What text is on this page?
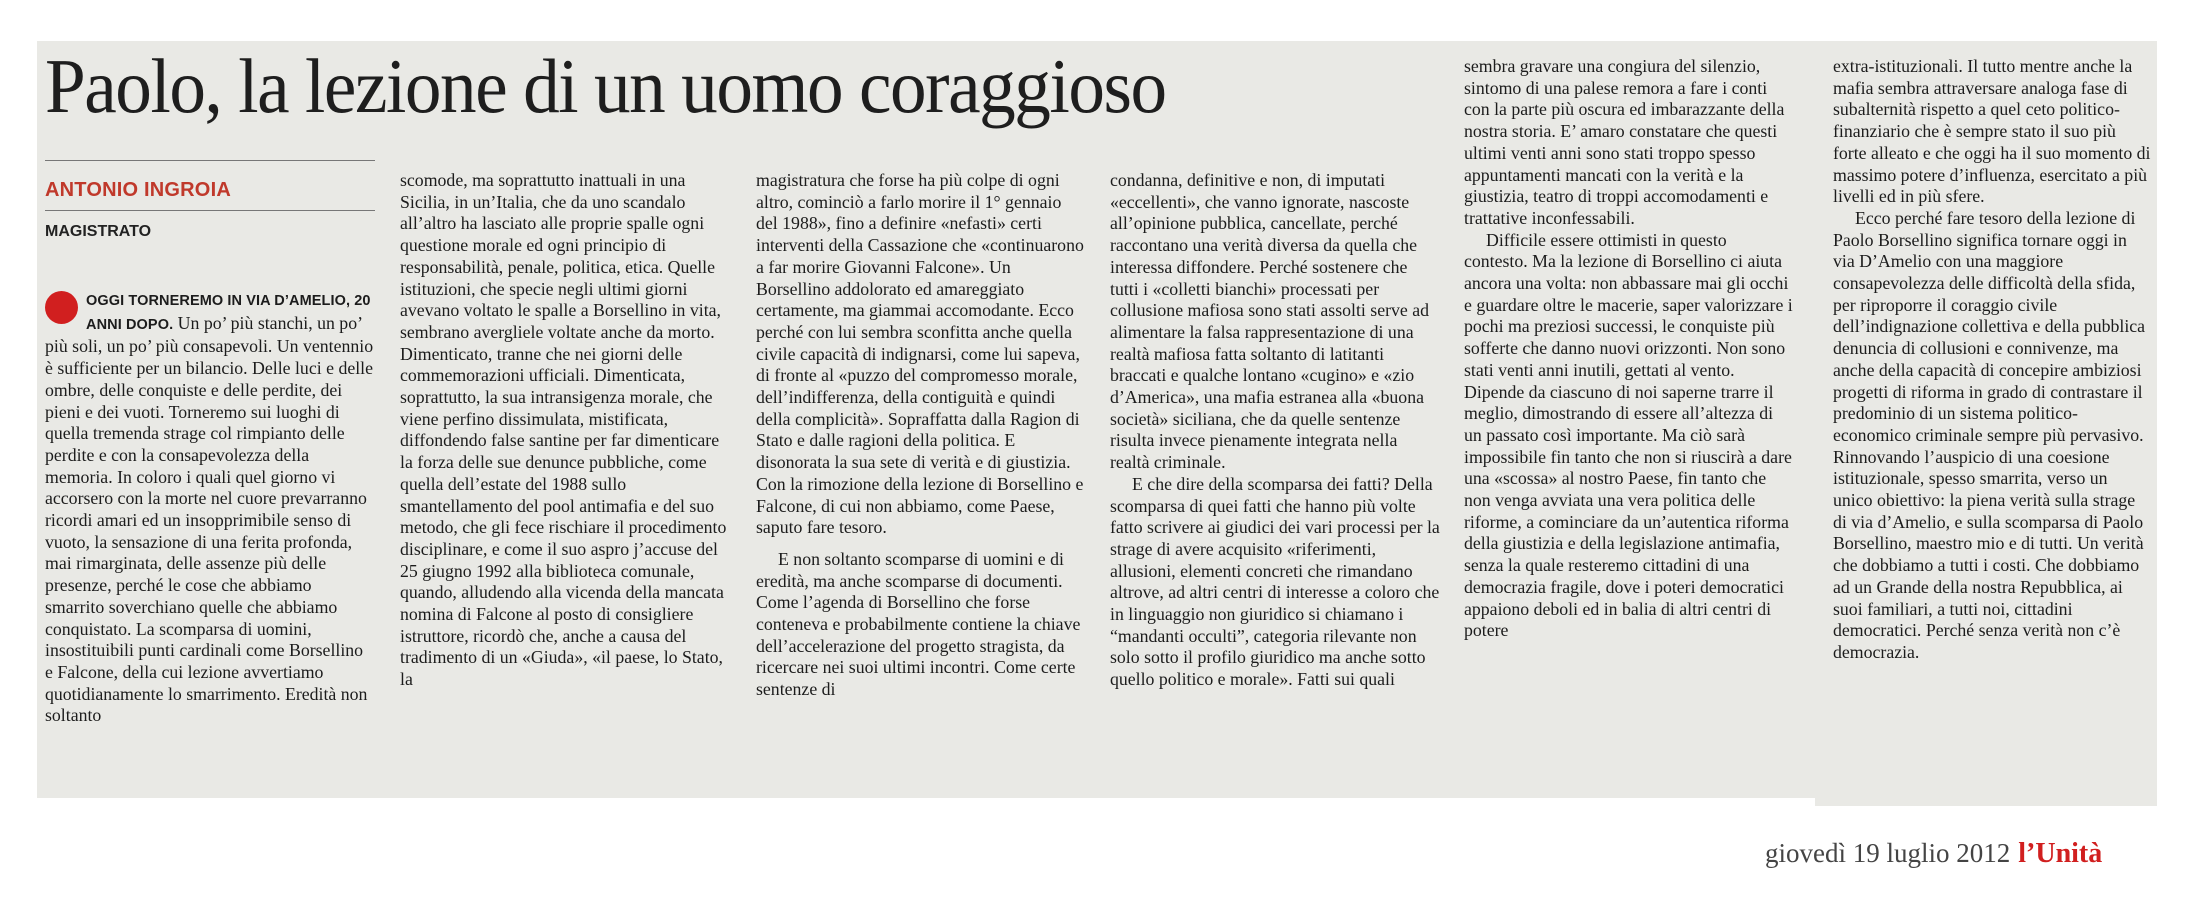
Paolo, la lezione di un uomo coraggioso
ANTONIO INGROIA
MAGISTRATO

OGGI TORNEREMO IN VIA D’AMELIO, 20 ANNI DOPO. Un po’ più stanchi, un po’ più soli, un po’ più consapevoli. Un ventennio è sufficiente per un bilancio. Delle luci e delle ombre, delle conquiste e delle perdite, dei pieni e dei vuoti. Torneremo sui luoghi di quella tremenda strage col rimpianto delle perdite e con la consapevolezza della memoria. In coloro i quali quel giorno vi accorsero con la morte nel cuore prevarranno ricordi amari ed un insopprimibile senso di vuoto, la sensazione di una ferita profonda, mai rimarginata, delle assenze più delle presenze, perché le cose che abbiamo smarrito soverchiano quelle che abbiamo conquistato. La scomparsa di uomini, insostituibili punti cardinali come Borsellino e Falcone, della cui lezione avvertiamo quotidianamente lo smarrimento. Eredità non soltanto

scomode, ma soprattutto inattuali in una Sicilia, in un’Italia, che da uno scandalo all’altro ha lasciato alle proprie spalle ogni questione morale ed ogni principio di responsabilità, penale, politica, etica. Quelle istituzioni, che specie negli ultimi giorni avevano voltato le spalle a Borsellino in vita, sembrano avergliele voltate anche da morto. Dimenticato, tranne che nei giorni delle commemorazioni ufficiali. Dimenticata, soprattutto, la sua intransigenza morale, che viene perfino dissimulata, mistificata, diffondendo false santine per far dimenticare la forza delle sue denunce pubbliche, come quella dell’estate del 1988 sullo smantellamento del pool antimafia e del suo metodo, che gli fece rischiare il procedimento disciplinare, e come il suo aspro j’accuse del 25 giugno 1992 alla biblioteca comunale, quando, alludendo alla vicenda della mancata nomina di Falcone al posto di consigliere istruttore, ricordò che, anche a causa del tradimento di un «Giuda», «il paese, lo Stato, la

magistratura che forse ha più colpe di ogni altro, cominciò a farlo morire il 1° gennaio del 1988», fino a definire «nefasti» certi interventi della Cassazione che «continuarono a far morire Giovanni Falcone». Un Borsellino addolorato ed amareggiato certamente, ma giammai accomodante. Ecco perché con lui sembra sconfitta anche quella civile capacità di indignarsi, come lui sapeva, di fronte al «puzzo del compromesso morale, dell’indifferenza, della contiguità e quindi della complicità». Sopraffatta dalla Ragion di Stato e dalle ragioni della politica. E disonorata la sua sete di verità e di giustizia. Con la rimozione della lezione di Borsellino e Falcone, di cui non abbiamo, come Paese, saputo fare tesoro.

E non soltanto scomparse di uomini e di eredità, ma anche scomparse di documenti. Come l’agenda di Borsellino che forse conteneva e probabilmente contiene la chiave dell’accelerazione del progetto stragista, da ricercare nei suoi ultimi incontri. Come certe sentenze di

condanna, definitive e non, di imputati «eccellenti», che vanno ignorate, nascoste all’opinione pubblica, cancellate, perché raccontano una verità diversa da quella che interessa diffondere. Perché sostenere che tutti i «colletti bianchi» processati per collusione mafiosa sono stati assolti serve ad alimentare la falsa rappresentazione di una realtà mafiosa fatta soltanto di latitanti braccati e qualche lontano «cugino» e «zio d’America», una mafia estranea alla «buona società» siciliana, che da quelle sentenze risulta invece pienamente integrata nella realtà criminale.

E che dire della scomparsa dei fatti? Della scomparsa di quei fatti che hanno più volte fatto scrivere ai giudici dei vari processi per la strage di avere acquisito «riferimenti, allusioni, elementi concreti che rimandano altrove, ad altri centri di interesse a coloro che in linguaggio non giuridico si chiamano i “mandanti occulti”, categoria rilevante non solo sotto il profilo giuridico ma anche sotto quello politico e morale». Fatti sui quali

sembra gravare una congiura del silenzio, sintomo di una palese remora a fare i conti con la parte più oscura ed imbarazzante della nostra storia. E’ amaro constatare che questi ultimi venti anni sono stati troppo spesso appuntamenti mancati con la verità e la giustizia, teatro di troppi accomodamenti e trattative inconfessabili.

Difficile essere ottimisti in questo contesto. Ma la lezione di Borsellino ci aiuta ancora una volta: non abbassare mai gli occhi e guardare oltre le macerie, saper valorizzare i pochi ma preziosi successi, le conquiste più sofferte che danno nuovi orizzonti. Non sono stati venti anni inutili, gettati al vento. Dipende da ciascuno di noi saperne trarre il meglio, dimostrando di essere all’altezza di un passato così importante. Ma ciò sarà impossibile fin tanto che non si riuscirà a dare una «scossa» al nostro Paese, fin tanto che non venga avviata una vera politica delle riforme, a cominciare da un’autentica riforma della giustizia e della legislazione antimafia, senza la quale resteremo cittadini di una democrazia fragile, dove i poteri democratici appaiono deboli ed in balia di altri centri di potere

extra-istituzionali. Il tutto mentre anche la mafia sembra attraversare analoga fase di subalternità rispetto a quel ceto politico-finanziario che è sempre stato il suo più forte alleato e che oggi ha il suo momento di massimo potere d’influenza, esercitato a più livelli ed in più sfere.

Ecco perché fare tesoro della lezione di Paolo Borsellino significa tornare oggi in via D’Amelio con una maggiore consapevolezza delle difficoltà della sfida, per riproporre il coraggio civile dell’indignazione collettiva e della pubblica denuncia di collusioni e connivenze, ma anche della capacità di concepire ambiziosi progetti di riforma in grado di contrastare il predominio di un sistema politico-economico criminale sempre più pervasivo. Rinnovando l’auspicio di una coesione istituzionale, spesso smarrita, verso un unico obiettivo: la piena verità sulla strage di via d’Amelio, e sulla scomparsa di Paolo Borsellino, maestro mio e di tutti. Un verità che dobbiamo a tutti i costi. Che dobbiamo ad un Grande della nostra Repubblica, ai suoi familiari, a tutti noi, cittadini democratici. Perché senza verità non c’è democrazia.

giovedì 19 luglio 2012 l’Unità
